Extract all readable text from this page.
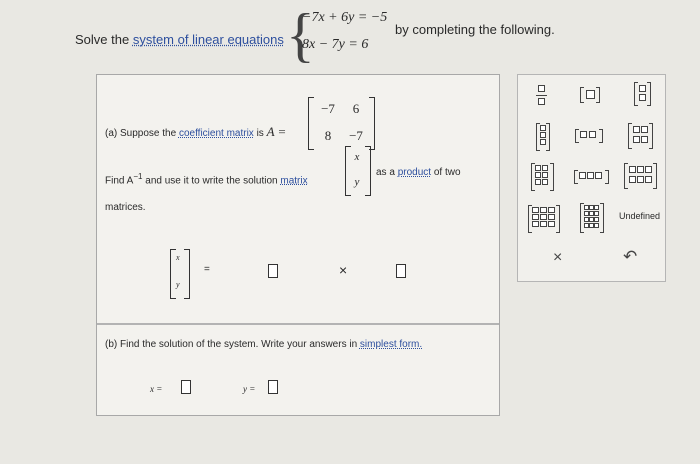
Solve the system of linear equations {
−7x + 6y = −5
8x − 7y = 6
by completing the following.
(a) Suppose the coefficient matrix is A =
−7	6
8	−7
Find $A^{-1}$ and use it to write the solution matrix
x
y
as a product of two
matrices.
x
y
=	×
(b) Find the solution of the system. Write your answers in simplest form.
x =	y =
Undefined
×	↶
